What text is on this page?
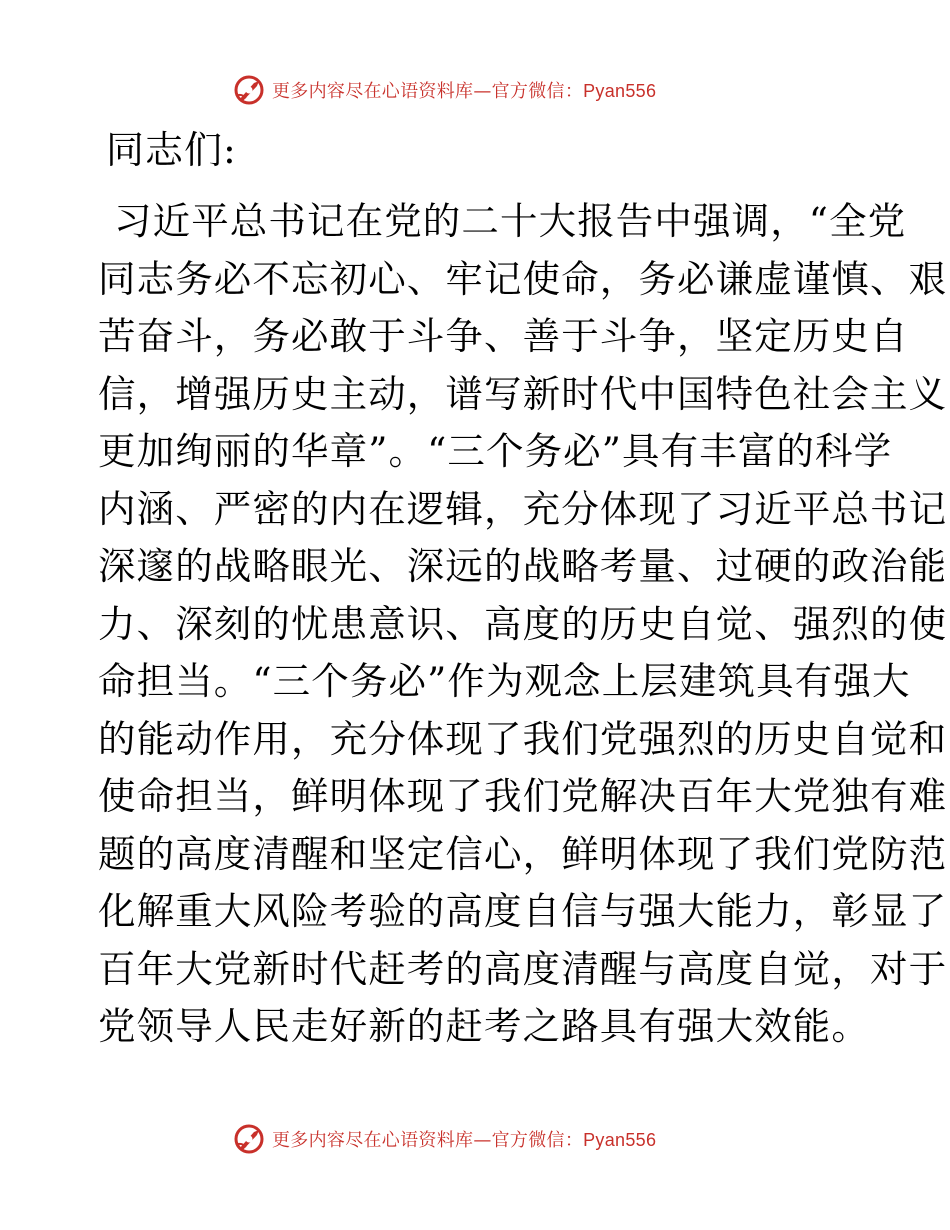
更多内容尽在心语资料库—官方微信：Pyan556
同志们:
习近平总书记在党的二十大报告中强调，“全党
同志务必不忘初心、牢记使命，务必谦虚谨慎、艰
苦奋斗，务必敢于斗争、善于斗争，坚定历史自
信，增强历史主动，谱写新时代中国特色社会主义
更加绚丽的华章”。“三个务必”具有丰富的科学
内涵、严密的内在逻辑，充分体现了习近平总书记
深邃的战略眼光、深远的战略考量、过硬的政治能
力、深刻的忧患意识、高度的历史自觉、强烈的使
命担当。“三个务必”作为观念上层建筑具有强大
的能动作用，充分体现了我们党强烈的历史自觉和
使命担当，鲜明体现了我们党解决百年大党独有难
题的高度清醒和坚定信心，鲜明体现了我们党防范
化解重大风险考验的高度自信与强大能力，彰显了
百年大党新时代赶考的高度清醒与高度自觉，对于
党领导人民走好新的赶考之路具有强大效能。
更多内容尽在心语资料库—官方微信：Pyan556
